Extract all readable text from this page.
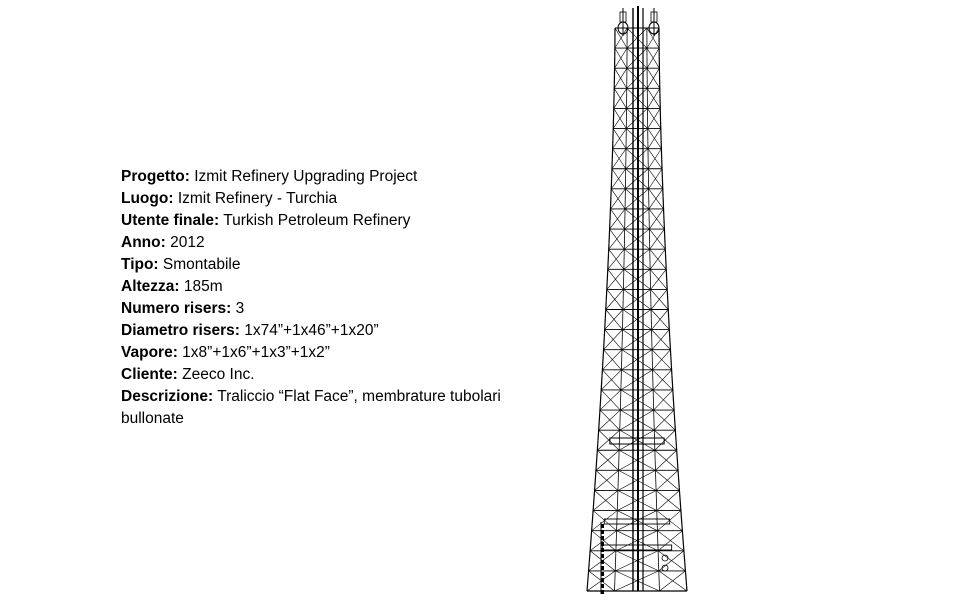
Progetto: Izmit Refinery Upgrading Project

Luogo: Izmit Refinery - Turchia

Utente finale: Turkish Petroleum Refinery

Anno: 2012

Tipo: Smontabile

Altezza: 185m

Numero risers: 3

Diametro risers: 1x74”+1x46”+1x20”

Vapore: 1x8”+1x6”+1x3”+1x2”

Cliente: Zeeco Inc.

Descrizione: Traliccio “Flat Face”, membrature tubolari bullonate
